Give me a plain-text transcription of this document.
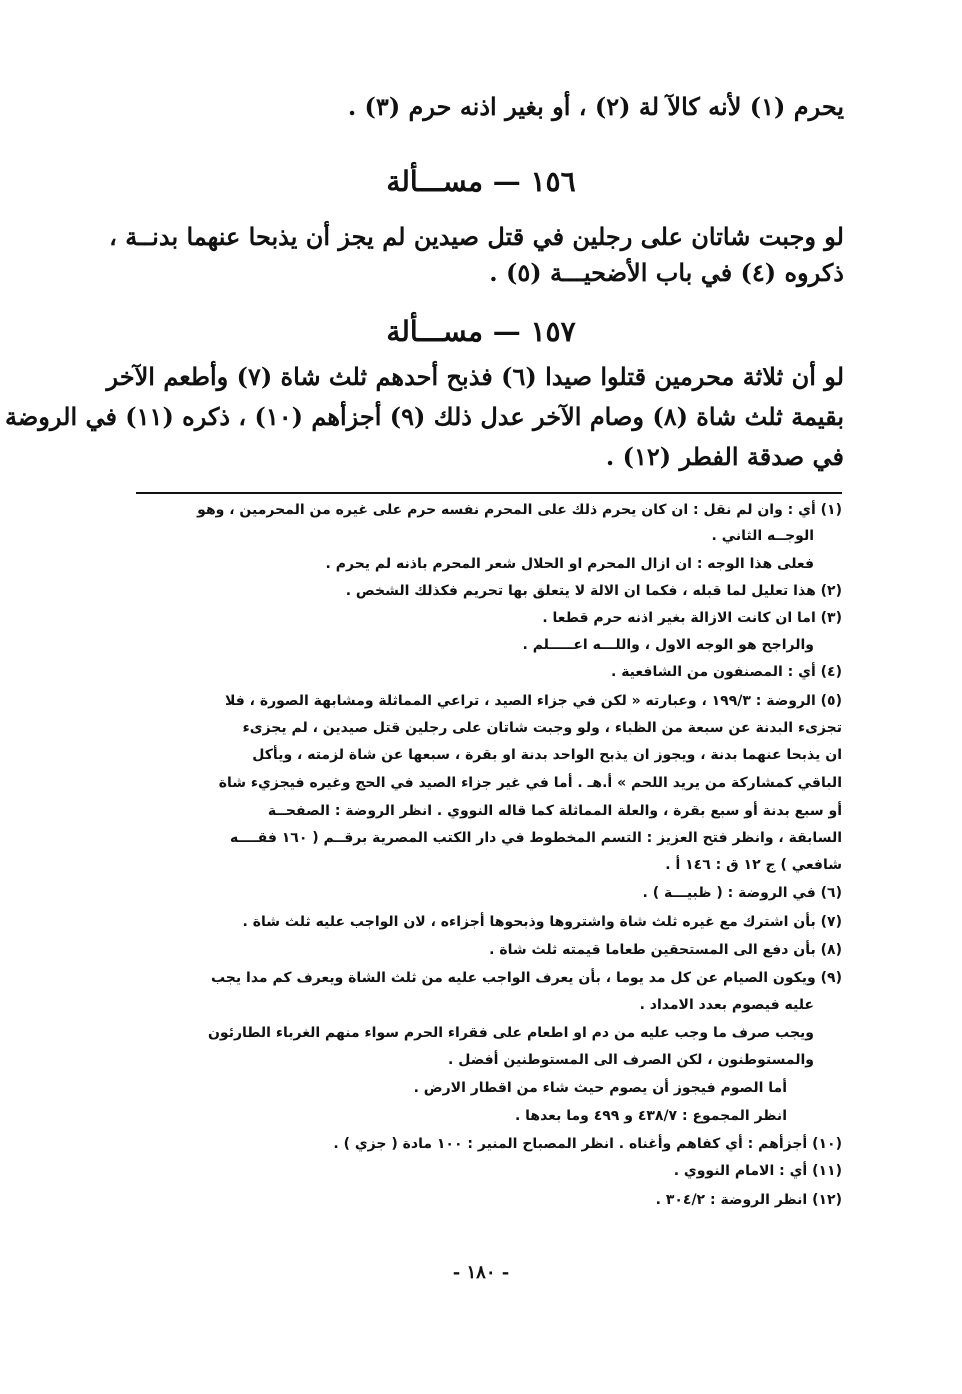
يحرم (١) لأنه كالآ لة (٢) ، أو بغير اذنه حرم (٣) .
١٥٦ — مســـألة
لو وجبت شاتان على رجلين في قتل صيدين لم يجز أن يذبحا عنهما بدنــة ،
ذكروه (٤) في باب الأضحيـــة (٥) .
١٥٧ — مســـألة
لو أن ثلاثة محرمين قتلوا صيدا (٦) فذبح أحدهم ثلث شاة (٧) وأطعم الآخر
بقيمة ثلث شاة (٨) وصام الآخر عدل ذلك (٩) أجزأهم (١٠) ، ذكره (١١) في الروضة
في صدقة الفطر (١٢) .
(١) أي : وان لم نقل : ان كان يحرم ذلك على المحرم نفسه حرم على غيره من المحرمين ، وهو
الوجــه الثاني .
فعلى هذا الوجه : ان ازال المحرم او الحلال شعر المحرم باذنه لم يحرم .
(٢) هذا تعليل لما قبله ، فكما ان الالة لا يتعلق بها تحريم فكذلك الشخص .
(٣) اما ان كانت الازالة بغير اذنه حرم قطعا .
والراجح هو الوجه الاول ، واللـــه اعـــــلم .
(٤) أي : المصنفون من الشافعية .
(٥) الروضة : ١٩٩/٣ ، وعبارته « لكن في جزاء الصيد ، تراعي المماثلة ومشابهة الصورة ، فلا
تجزىء البدنة عن سبعة من الظباء ، ولو وجبت شاتان على رجلين قتل صيدين ، لم يجزىء
ان يذبحا عنهما بدنة ، ويجوز ان يذبح الواحد بدنة او بقرة ، سبعها عن شاة لزمته ، ويأكل
الباقي كمشاركة من يريد اللحم » أ.هـ . أما في غير جزاء الصيد في الحج وغيره فيجزيء شاة
أو سبع بدنة أو سبع بقرة ، والعلة المماثلة كما قاله النووي . انظر الروضة : الصفحــة
السابقة ، وانظر فتح العزيز : التسم المخطوط في دار الكتب المصرية برقــم ( ١٦٠ فقــــه
شافعي ) ج ١٢ ق : ١٤٦ أ .
(٦) في الروضة : ( ظبيـــة ) .
(٧) بأن اشترك مع غيره ثلث شاة واشتروها وذبحوها أجزاءه ، لان الواجب عليه ثلث شاة .
(٨) بأن دفع الى المستحقين طعاما قيمته ثلث شاة .
(٩) ويكون الصيام عن كل مد يوما ، بأن يعرف الواجب عليه من ثلث الشاة ويعرف كم مدا يجب
عليه فيصوم بعدد الامداد .
ويجب صرف ما وجب عليه من دم او اطعام على فقراء الحرم سواء منهم الغرباء الطارئون
والمستوطنون ، لكن الصرف الى المستوطنين أفضل .
أما الصوم فيجوز أن يصوم حيث شاء من اقطار الارض .
انظر المجموع : ٤٣٨/٧ و ٤٩٩ وما بعدها .
(١٠) أجزأهم : أي كفاهم وأغناه . انظر المصباح المنير : ١٠٠ مادة ( جزي ) .
(١١) أي : الامام النووي .
(١٢) انظر الروضة : ٣٠٤/٢ .
- ١٨٠ -
